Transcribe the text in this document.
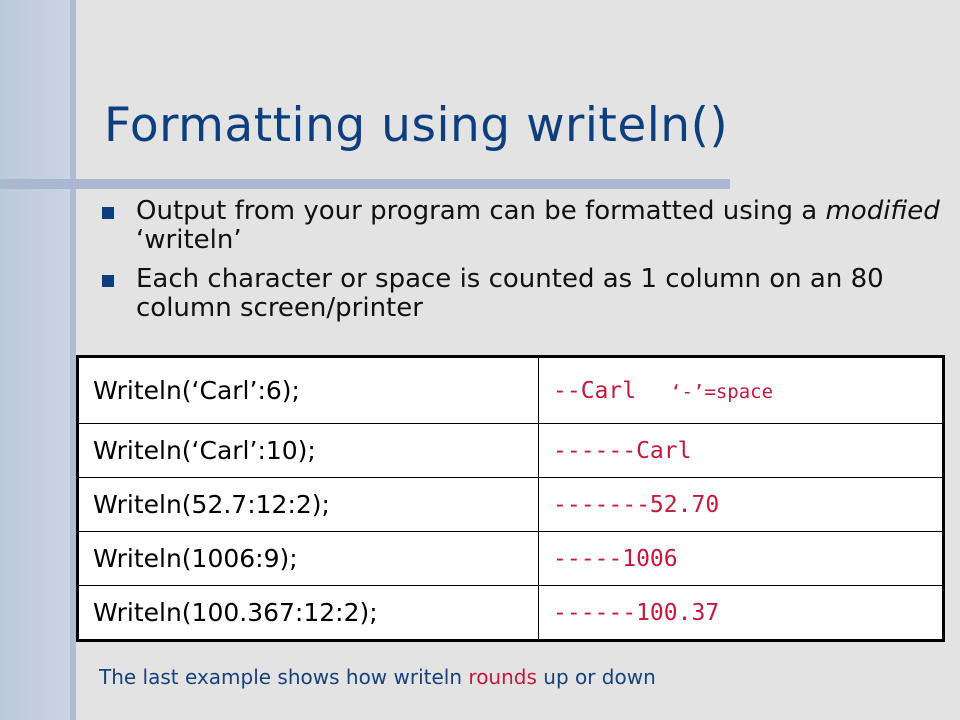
Formatting using writeln()
Output from your program can be formatted using a modified ‘writeln’
Each character or space is counted as 1 column on an 80 column screen/printer
Writeln(‘Carl’:6);	--Carl ‘-’=space
Writeln(‘Carl’:10);	------Carl
Writeln(52.7:12:2);	-------52.70
Writeln(1006:9);	-----1006
Writeln(100.367:12:2);	------100.37

The last example shows how writeln rounds up or down
